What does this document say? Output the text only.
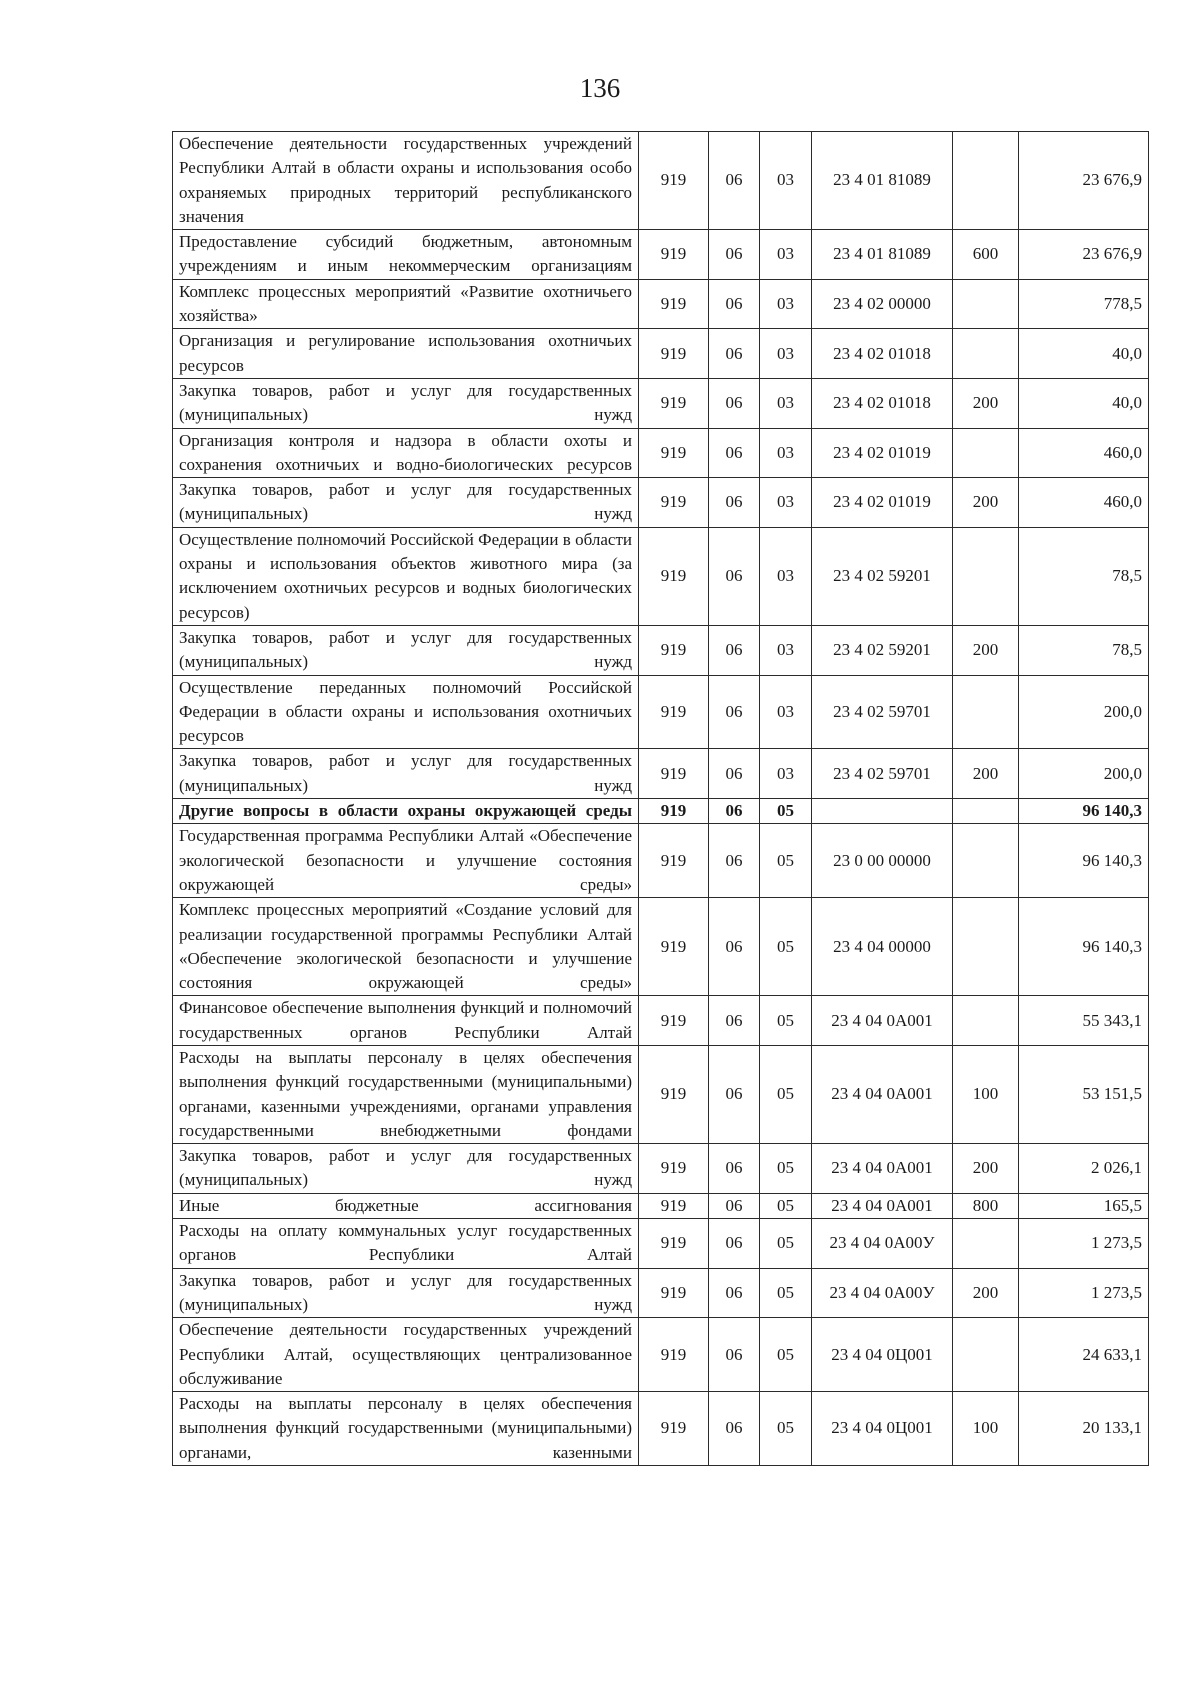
136
Обеспечение деятельности государственных учреждений Республики Алтай в области охраны и использования особо охраняемых природных территорий республиканского значения	919	06	03	23 4 01 81089		23 676,9
Предоставление субсидий бюджетным, автономным учреждениям и иным некоммерческим организациям	919	06	03	23 4 01 81089	600	23 676,9
Комплекс процессных мероприятий «Развитие охотничьего хозяйства»	919	06	03	23 4 02 00000		778,5
Организация и регулирование использования охотничьих ресурсов	919	06	03	23 4 02 01018		40,0
Закупка товаров, работ и услуг для государственных (муниципальных) нужд	919	06	03	23 4 02 01018	200	40,0
Организация контроля и надзора в области охоты и сохранения охотничьих и водно-биологических ресурсов	919	06	03	23 4 02 01019		460,0
Закупка товаров, работ и услуг для государственных (муниципальных) нужд	919	06	03	23 4 02 01019	200	460,0
Осуществление полномочий Российской Федерации в области охраны и использования объектов животного мира (за исключением охотничьих ресурсов и водных биологических ресурсов)	919	06	03	23 4 02 59201		78,5
Закупка товаров, работ и услуг для государственных (муниципальных) нужд	919	06	03	23 4 02 59201	200	78,5
Осуществление переданных полномочий Российской Федерации в области охраны и использования охотничьих ресурсов	919	06	03	23 4 02 59701		200,0
Закупка товаров, работ и услуг для государственных (муниципальных) нужд	919	06	03	23 4 02 59701	200	200,0
Другие вопросы в области охраны окружающей среды	919	06	05			96 140,3
Государственная программа Республики Алтай «Обеспечение экологической безопасности и улучшение состояния окружающей среды»	919	06	05	23 0 00 00000		96 140,3
Комплекс процессных мероприятий «Создание условий для реализации государственной программы Республики Алтай «Обеспечение экологической безопасности и улучшение состояния окружающей среды»	919	06	05	23 4 04 00000		96 140,3
Финансовое обеспечение выполнения функций и полномочий государственных органов Республики Алтай	919	06	05	23 4 04 0А001		55 343,1
Расходы на выплаты персоналу в целях обеспечения выполнения функций государственными (муниципальными) органами, казенными учреждениями, органами управления государственными внебюджетными фондами	919	06	05	23 4 04 0А001	100	53 151,5
Закупка товаров, работ и услуг для государственных (муниципальных) нужд	919	06	05	23 4 04 0А001	200	2 026,1
Иные бюджетные ассигнования	919	06	05	23 4 04 0А001	800	165,5
Расходы на оплату коммунальных услуг государственных органов Республики Алтай	919	06	05	23 4 04 0А00У		1 273,5
Закупка товаров, работ и услуг для государственных (муниципальных) нужд	919	06	05	23 4 04 0А00У	200	1 273,5
Обеспечение деятельности государственных учреждений Республики Алтай, осуществляющих централизованное обслуживание	919	06	05	23 4 04 0Ц001		24 633,1
Расходы на выплаты персоналу в целях обеспечения выполнения функций государственными (муниципальными) органами, казенными	919	06	05	23 4 04 0Ц001	100	20 133,1
